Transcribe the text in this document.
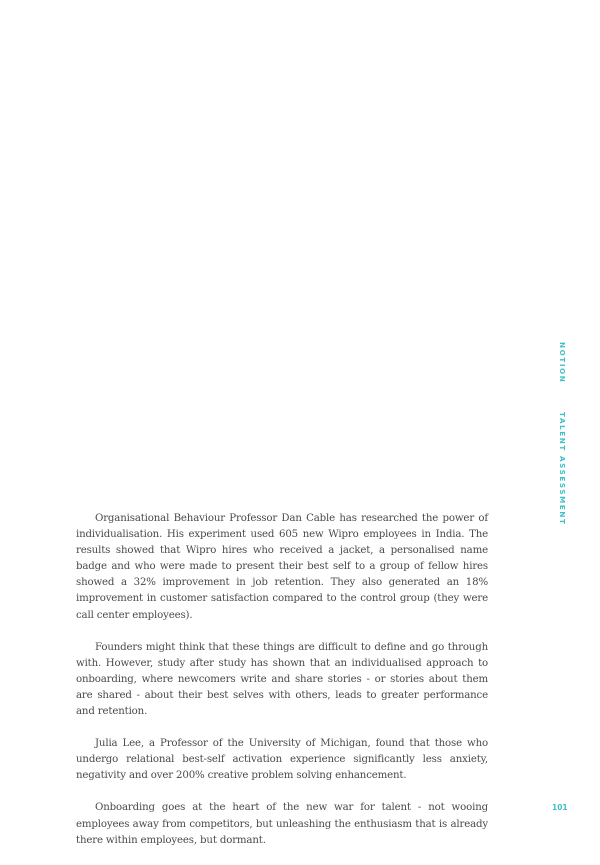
Organisational Behaviour Professor Dan Cable has researched the power of individualisation. His experiment used 605 new Wipro employees in India. The results showed that Wipro hires who received a jacket, a personalised name badge and who were made to present their best self to a group of fellow hires showed a 32% improvement in job retention. They also generated an 18% improvement in customer satisfaction compared to the control group (they were call center employees).

Founders might think that these things are difficult to define and go through with. However, study after study has shown that an individualised approach to onboarding, where newcomers write and share stories - or stories about them are shared - about their best selves with others, leads to greater performance and retention.

Julia Lee, a Professor of the University of Michigan, found that those who undergo relational best-self activation experience significantly less anxiety, negativity and over 200% creative problem solving enhancement.

Onboarding goes at the heart of the new war for talent - not wooing employees away from competitors, but unleashing the enthusiasm that is already there within employees, but dormant.

NOTION
TALENT ASSESSMENT
101
